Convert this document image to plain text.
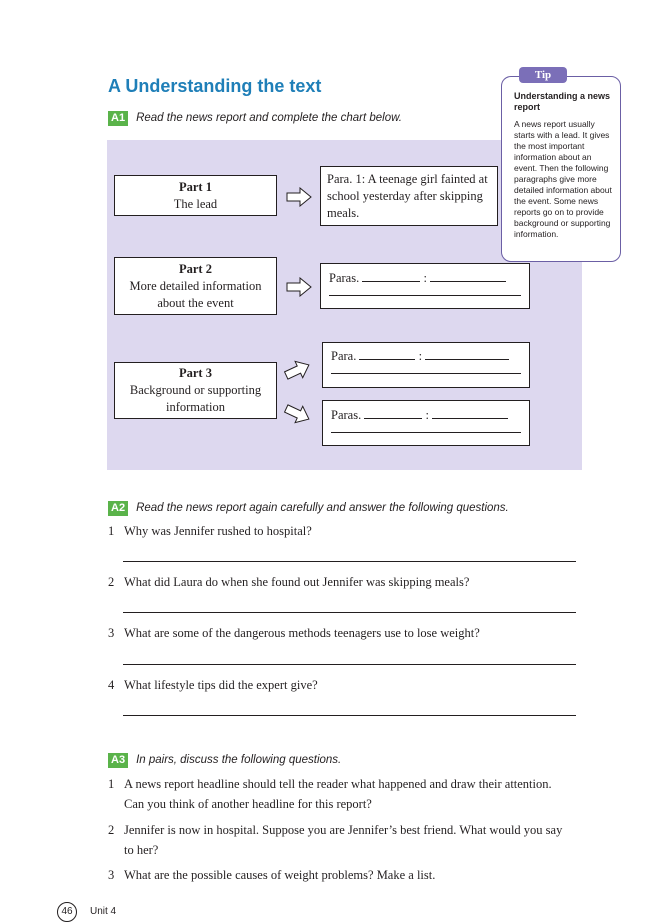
A Understanding the text
A1 Read the news report and complete the chart below.
Part 1
The lead
Para. 1: A teenage girl fainted at school yesterday after skipping meals.
Part 2
More detailed information about the event
Paras.	:
Part 3
Background or supporting information
Para.	:
Paras.	:
Understanding a news report
A news report usually starts with a lead. It gives the most important information about an event. Then the following paragraphs give more detailed information about the event. Some news reports go on to provide background or supporting information.
Tip
A2 Read the news report again carefully and answer the following questions.
1 Why was Jennifer rushed to hospital?
2 What did Laura do when she found out Jennifer was skipping meals?
3 What are some of the dangerous methods teenagers use to lose weight?
4 What lifestyle tips did the expert give?
A3 In pairs, discuss the following questions.
1 A news report headline should tell the reader what happened and draw their attention. Can you think of another headline for this report?
2 Jennifer is now in hospital. Suppose you are Jennifer’s best friend. What would you say to her?
3 What are the possible causes of weight problems? Make a list.
46	Unit 4
